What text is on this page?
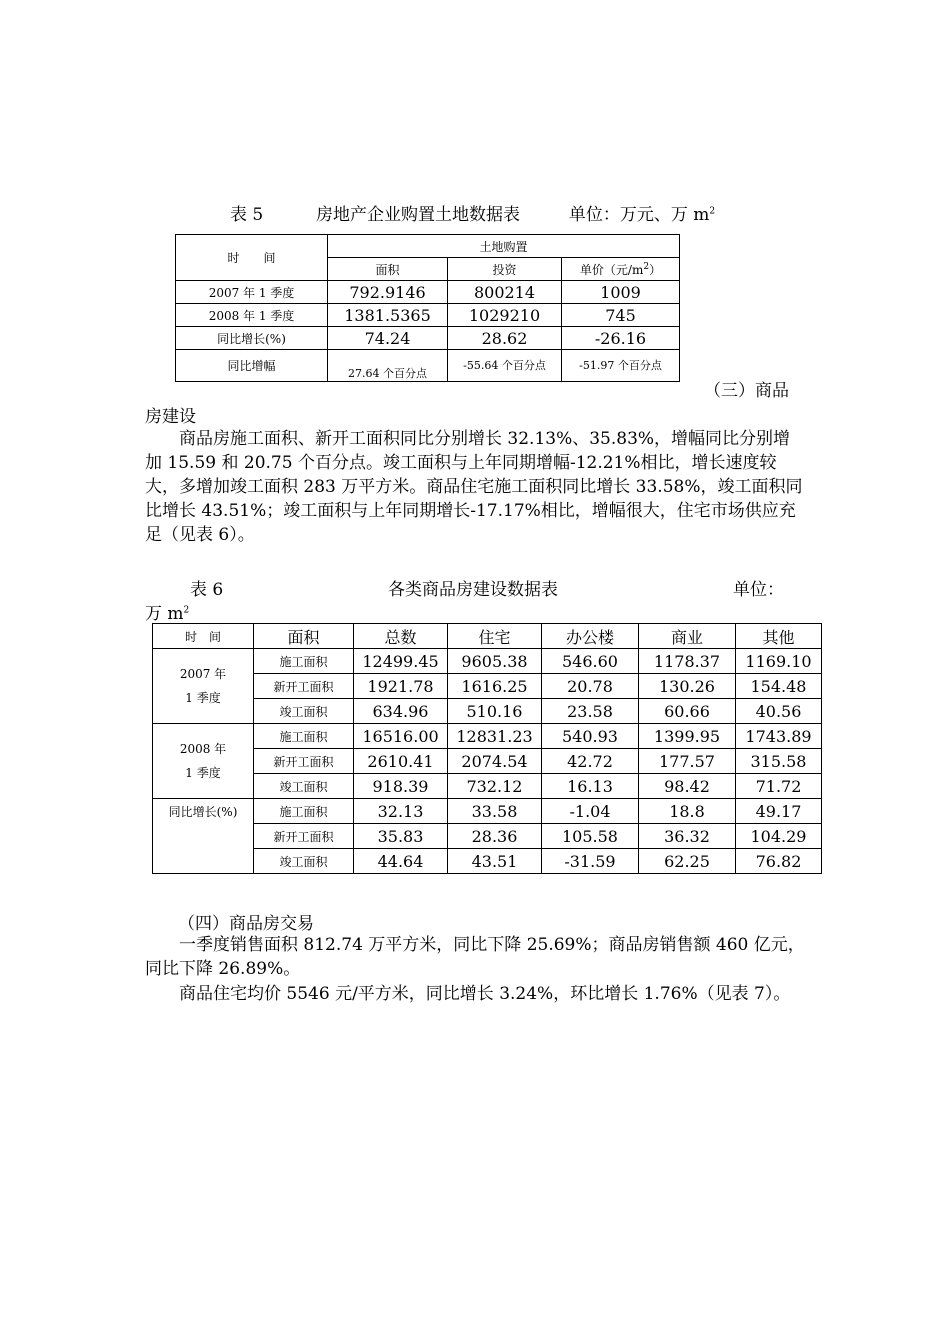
表 5	房地产企业购置土地数据表	单位：万元、万 $m^2$
时　　间	土地购置		
	面积	投资	单价（元$/m^2$）
2007 年 1 季度	792.9146	800214	1009
2008 年 1 季度	1381.5365	1029210	745
同比增长(%)	74.24	28.62	-26.16
同比增幅	27.64 个百分点	-55.64 个百分点	-51.97 个百分点
（三）商品
房建设
商品房施工面积、新开工面积同比分别增长 32.13%、35.83%，增幅同比分别增加 15.59 和 20.75 个百分点。竣工面积与上年同期增幅-12.21%相比，增长速度较大，多增加竣工面积 283 万平方米。商品住宅施工面积同比增长 33.58%，竣工面积同比增长 43.51%；竣工面积与上年同期增长-17.17%相比，增幅很大，住宅市场供应充足（见表 6）。
表 6	各类商品房建设数据表	单位：
万 $m^2$
时　间	面积	总数	住宅	办公楼	商业	其他

2007 年
1 季度	施工面积	12499.45	9605.38	546.60	1178.37	1169.10
	新开工面积	1921.78	1616.25	20.78	130.26	154.48
	竣工面积	634.96	510.16	23.58	60.66	40.56

2008 年
1 季度	施工面积	16516.00	12831.23	540.93	1399.95	1743.89
	新开工面积	2610.41	2074.54	42.72	177.57	315.58
	竣工面积	918.39	732.12	16.13	98.42	71.72

同比增长(%)	施工面积	32.13	33.58	-1.04	18.8	49.17
	新开工面积	35.83	28.36	105.58	36.32	104.29
	竣工面积	44.64	43.51	-31.59	62.25	76.82
（四）商品房交易
一季度销售面积 812.74 万平方米，同比下降 25.69%；商品房销售额 460 亿元，同比下降 26.89%。
商品住宅均价 5546 元/平方米，同比增长 3.24%，环比增长 1.76%（见表 7）。
